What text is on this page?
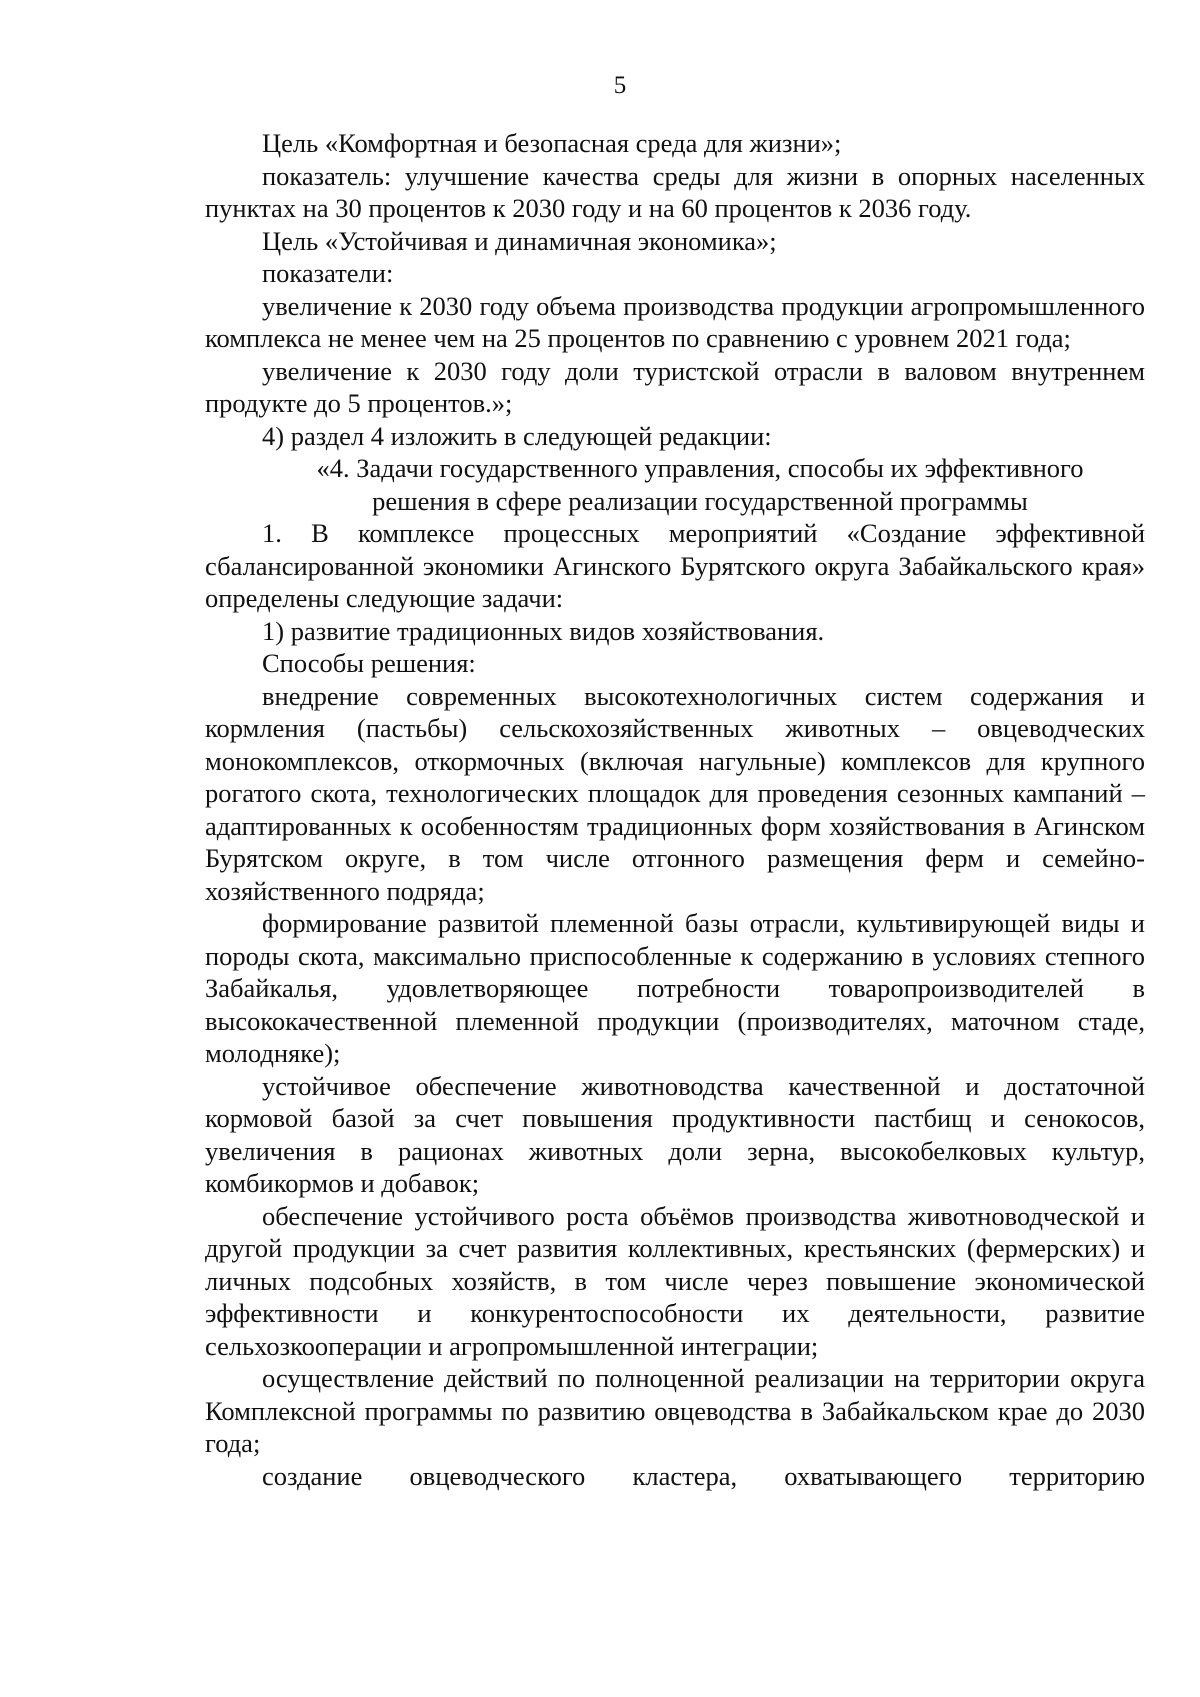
5

Цель «Комфортная и безопасная среда для жизни»;

показатель: улучшение качества среды для жизни в опорных населенных пунктах на 30 процентов к 2030 году и на 60 процентов к 2036 году.

Цель «Устойчивая и динамичная экономика»;

показатели:

увеличение к 2030 году объема производства продукции агропромышленного комплекса не менее чем на 25 процентов по сравнению с уровнем 2021 года;

увеличение к 2030 году доли туристской отрасли в валовом внутреннем продукте до 5 процентов.»;

4) раздел 4 изложить в следующей редакции:

«4. Задачи государственного управления, способы их эффективного
решения в сфере реализации государственной программы

1. В комплексе процессных мероприятий «Создание эффективной сбалансированной экономики Агинского Бурятского округа Забайкальского края» определены следующие задачи:

1) развитие традиционных видов хозяйствования.

Способы решения:

внедрение современных высокотехнологичных систем содержания и кормления (пастьбы) сельскохозяйственных животных – овцеводческих монокомплексов, откормочных (включая нагульные) комплексов для крупного рогатого скота, технологических площадок для проведения сезонных кампаний – адаптированных к особенностям традиционных форм хозяйствования в Агинском Бурятском округе, в том числе отгонного размещения ферм и семейно-хозяйственного подряда;

формирование развитой племенной базы отрасли, культивирующей виды и породы скота, максимально приспособленные к содержанию в условиях степного Забайкалья, удовлетворяющее потребности товаропроизводителей в высококачественной племенной продукции (производителях, маточном стаде, молодняке);

устойчивое обеспечение животноводства качественной и достаточной кормовой базой за счет повышения продуктивности пастбищ и сенокосов, увеличения в рационах животных доли зерна, высокобелковых культур, комбикормов и добавок;

обеспечение устойчивого роста объёмов производства животноводческой и другой продукции за счет развития коллективных, крестьянских (фермерских) и личных подсобных хозяйств, в том числе через повышение экономической эффективности и конкурентоспособности их деятельности, развитие сельхозкооперации и агропромышленной интеграции;

осуществление действий по полноценной реализации на территории округа Комплексной программы по развитию овцеводства в Забайкальском крае до 2030 года;

создание овцеводческого кластера, охватывающего территорию
